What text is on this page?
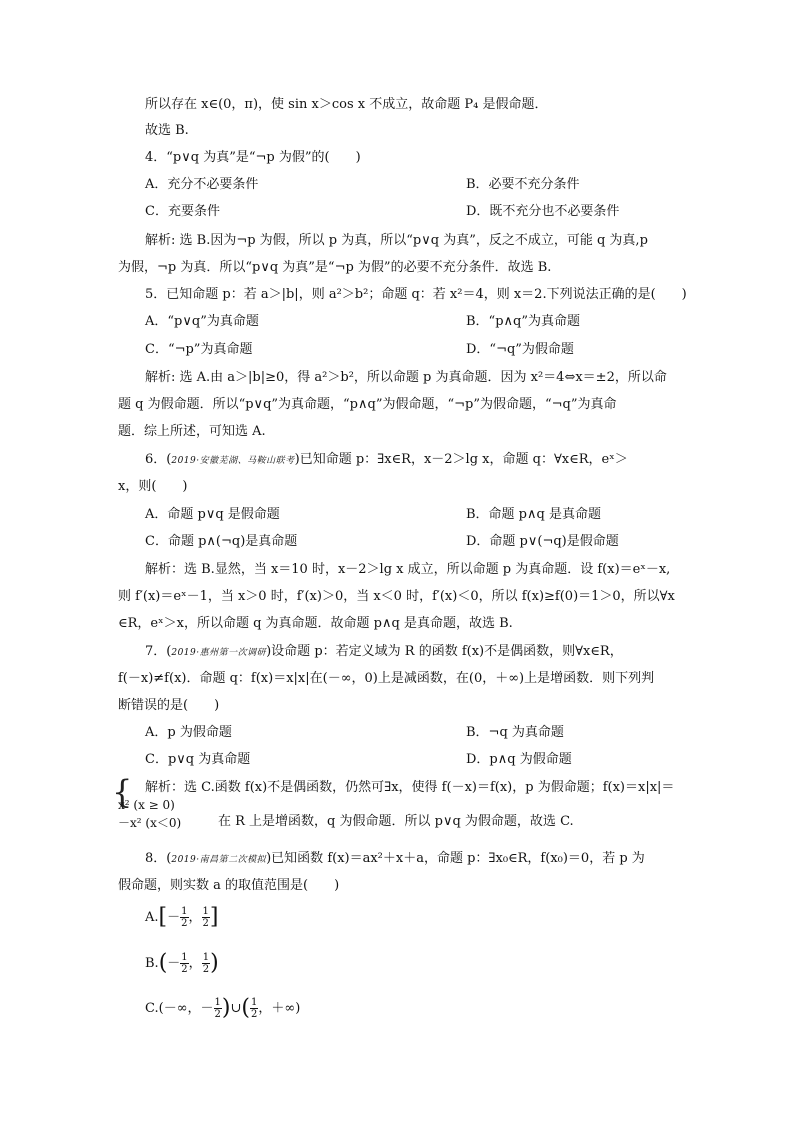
所以存在 x∈(0，π)，使 sin x＞cos x 不成立，故命题 P₄ 是假命题．
故选 B.
4．“p∨q 为真”是“¬p 为假”的(　　)
A．充分不必要条件	B．必要不充分条件
C．充要条件	D．既不充分也不必要条件
解析: 选 B.因为¬p 为假，所以 p 为真，所以“p∨q 为真”，反之不成立，可能 q 为真,p
为假，¬p 为真．所以“p∨q 为真”是“¬p 为假”的必要不充分条件．故选 B.
5．已知命题 p：若 a＞|b|，则 a²＞b²；命题 q：若 x²＝4，则 x＝2.下列说法正确的是(　　)
A．“p∨q”为真命题	B．“p∧q”为真命题
C．“¬p”为真命题	D．“¬q”为假命题
解析: 选 A.由 a＞|b|≥0，得 a²＞b²，所以命题 p 为真命题．因为 x²＝4⇔x＝±2，所以命
题 q 为假命题．所以“p∨q”为真命题，“p∧q”为假命题，“¬p”为假命题，“¬q”为真命
题．综上所述，可知选 A.
6．(2019·安徽芜湖、马鞍山联考)已知命题 p：∃x∈R，x－2＞lg x，命题 q：∀x∈R，eˣ＞
x，则(　　)
A．命题 p∨q 是假命题	B．命题 p∧q 是真命题
C．命题 p∧(¬q)是真命题	D．命题 p∨(¬q)是假命题
解析：选 B.显然，当 x＝10 时，x－2＞lg x 成立，所以命题 p 为真命题．设 f(x)＝eˣ－x,
则 f′(x)＝eˣ－1，当 x＞0 时，f′(x)＞0，当 x＜0 时，f′(x)＜0，所以 f(x)≥f(0)＝1＞0，所以∀x
∈R，eˣ＞x，所以命题 q 为真命题．故命题 p∧q 是真命题，故选 B.
7．(2019·惠州第一次调研)设命题 p：若定义域为 R 的函数 f(x)不是偶函数，则∀x∈R，
f(－x)≠f(x)．命题 q：f(x)＝x|x|在(－∞，0)上是减函数，在(0，＋∞)上是增函数．则下列判
断错误的是(　　)
A．p 为假命题	B．¬q 为真命题
C．p∨q 为真命题	D．p∧q 为假命题
解析：选 C.函数 f(x)不是偶函数，仍然可∃x，使得 f(－x)＝f(x)，p 为假命题；f(x)＝x|x|＝
{
x² (x ≥ 0)
－x² (x＜0)	在 R 上是增函数，q 为假命题．所以 p∨q 为假命题，故选 C.
8．(2019·南昌第二次模拟)已知函数 f(x)＝ax²＋x＋a，命题 p：∃x₀∈R，f(x₀)＝0，若 p 为
假命题，则实数 a 的取值范围是(　　)
$A.[- \frac{1}{2}$ ， $\frac{1}{2}$ ]
$B.(- \frac{1}{2}$ ， $\frac{1}{2}$ )
C.(－∞，－ $\frac{1}{2}$ )∪( $\frac{1}{2}$ ，＋∞)
